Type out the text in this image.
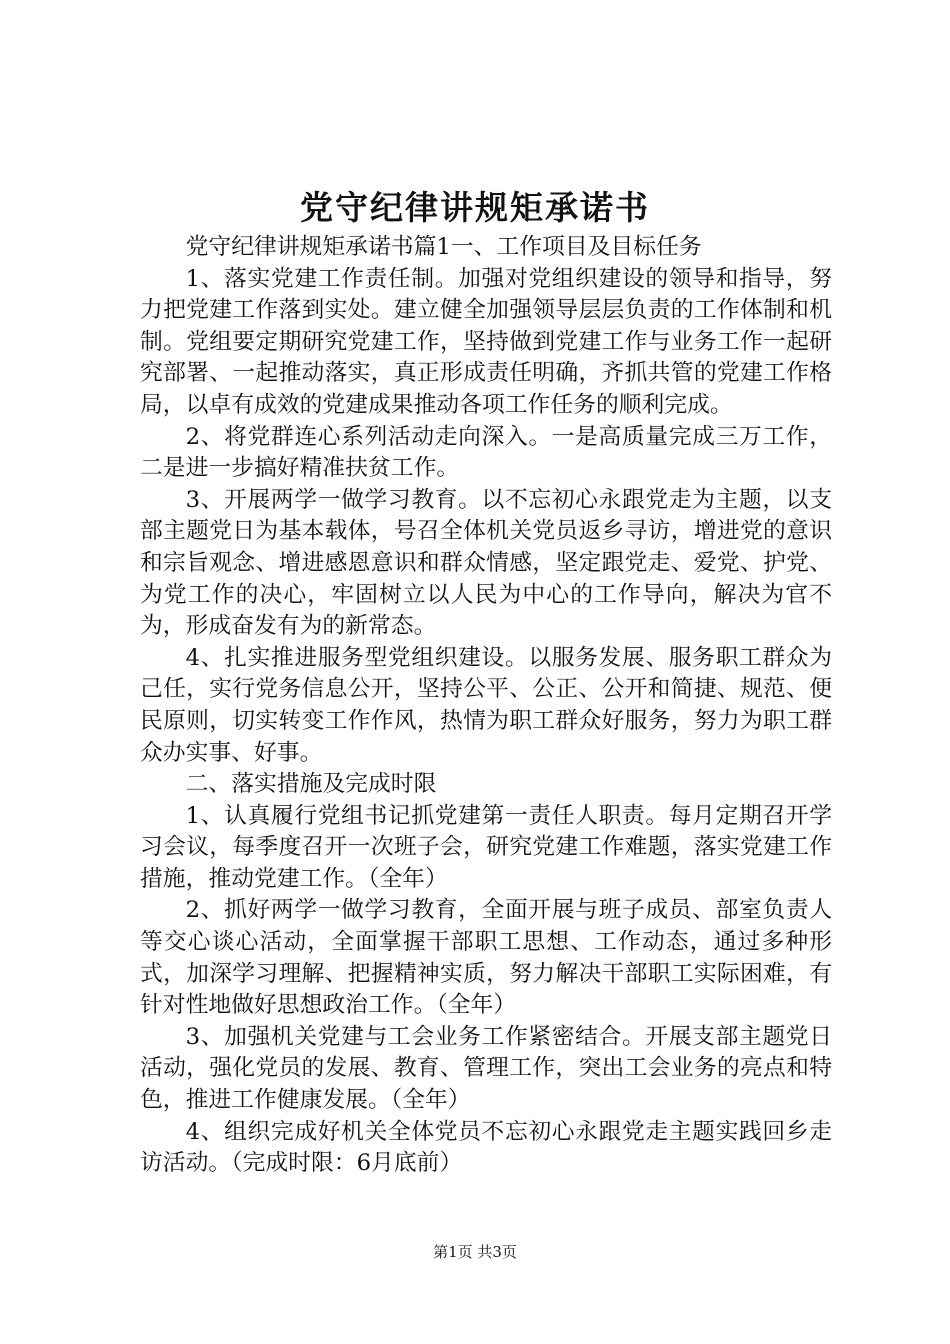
党守纪律讲规矩承诺书

党守纪律讲规矩承诺书篇1一、工作项目及目标任务

1、落实党建工作责任制。加强对党组织建设的领导和指导，努力把党建工作落到实处。建立健全加强领导层层负责的工作体制和机制。党组要定期研究党建工作，坚持做到党建工作与业务工作一起研究部署、一起推动落实，真正形成责任明确，齐抓共管的党建工作格局，以卓有成效的党建成果推动各项工作任务的顺利完成。

2、将党群连心系列活动走向深入。一是高质量完成三万工作，二是进一步搞好精准扶贫工作。

3、开展两学一做学习教育。以不忘初心永跟党走为主题，以支部主题党日为基本载体，号召全体机关党员返乡寻访，增进党的意识和宗旨观念、增进感恩意识和群众情感，坚定跟党走、爱党、护党、为党工作的决心，牢固树立以人民为中心的工作导向，解决为官不为，形成奋发有为的新常态。

4、扎实推进服务型党组织建设。以服务发展、服务职工群众为己任，实行党务信息公开，坚持公平、公正、公开和简捷、规范、便民原则，切实转变工作作风，热情为职工群众好服务，努力为职工群众办实事、好事。

二、落实措施及完成时限

1、认真履行党组书记抓党建第一责任人职责。每月定期召开学习会议，每季度召开一次班子会，研究党建工作难题，落实党建工作措施，推动党建工作。（全年）

2、抓好两学一做学习教育，全面开展与班子成员、部室负责人等交心谈心活动，全面掌握干部职工思想、工作动态，通过多种形式，加深学习理解、把握精神实质，努力解决干部职工实际困难，有针对性地做好思想政治工作。（全年）

3、加强机关党建与工会业务工作紧密结合。开展支部主题党日活动，强化党员的发展、教育、管理工作，突出工会业务的亮点和特色，推进工作健康发展。（全年）

4、组织完成好机关全体党员不忘初心永跟党走主题实践回乡走访活动。（完成时限：6月底前）

第1页 共3页
